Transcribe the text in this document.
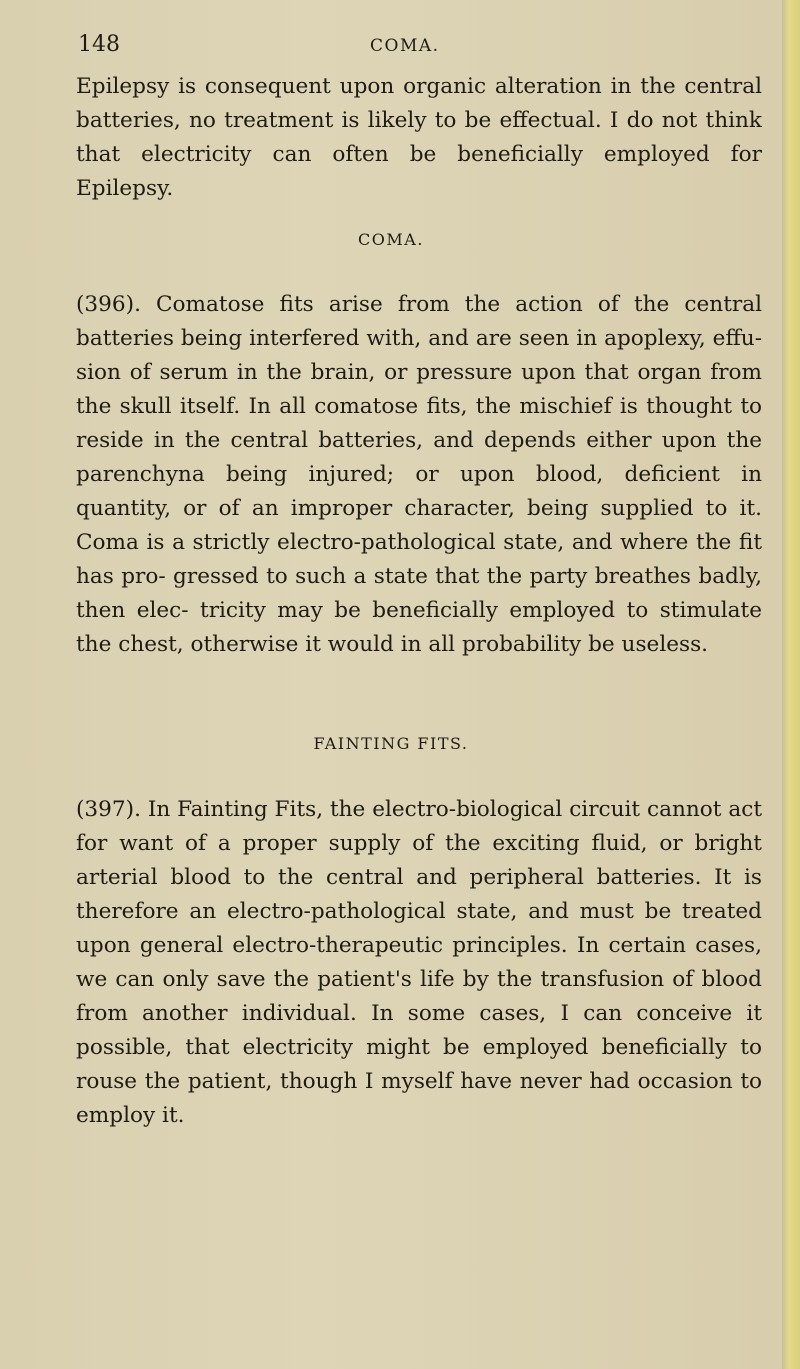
148	COMA.

Epilepsy is consequent upon organic alteration in the central batteries, no treatment is likely to be effectual. I do not think that electricity can often be beneficially employed for Epilepsy.

COMA.

(396). Comatose fits arise from the action of the central batteries being interfered with, and are seen in apoplexy, effu- sion of serum in the brain, or pressure upon that organ from the skull itself. In all comatose fits, the mischief is thought to reside in the central batteries, and depends either upon the parenchyna being injured; or upon blood, deficient in quantity, or of an improper character, being supplied to it. Coma is a strictly electro-pathological state, and where the fit has pro- gressed to such a state that the party breathes badly, then elec- tricity may be beneficially employed to stimulate the chest, otherwise it would in all probability be useless.

FAINTING FITS.

(397). In Fainting Fits, the electro-biological circuit cannot act for want of a proper supply of the exciting fluid, or bright arterial blood to the central and peripheral batteries. It is therefore an electro-pathological state, and must be treated upon general electro-therapeutic principles. In certain cases, we can only save the patient's life by the transfusion of blood from another individual. In some cases, I can conceive it possible, that electricity might be employed beneficially to rouse the patient, though I myself have never had occasion to employ it.
